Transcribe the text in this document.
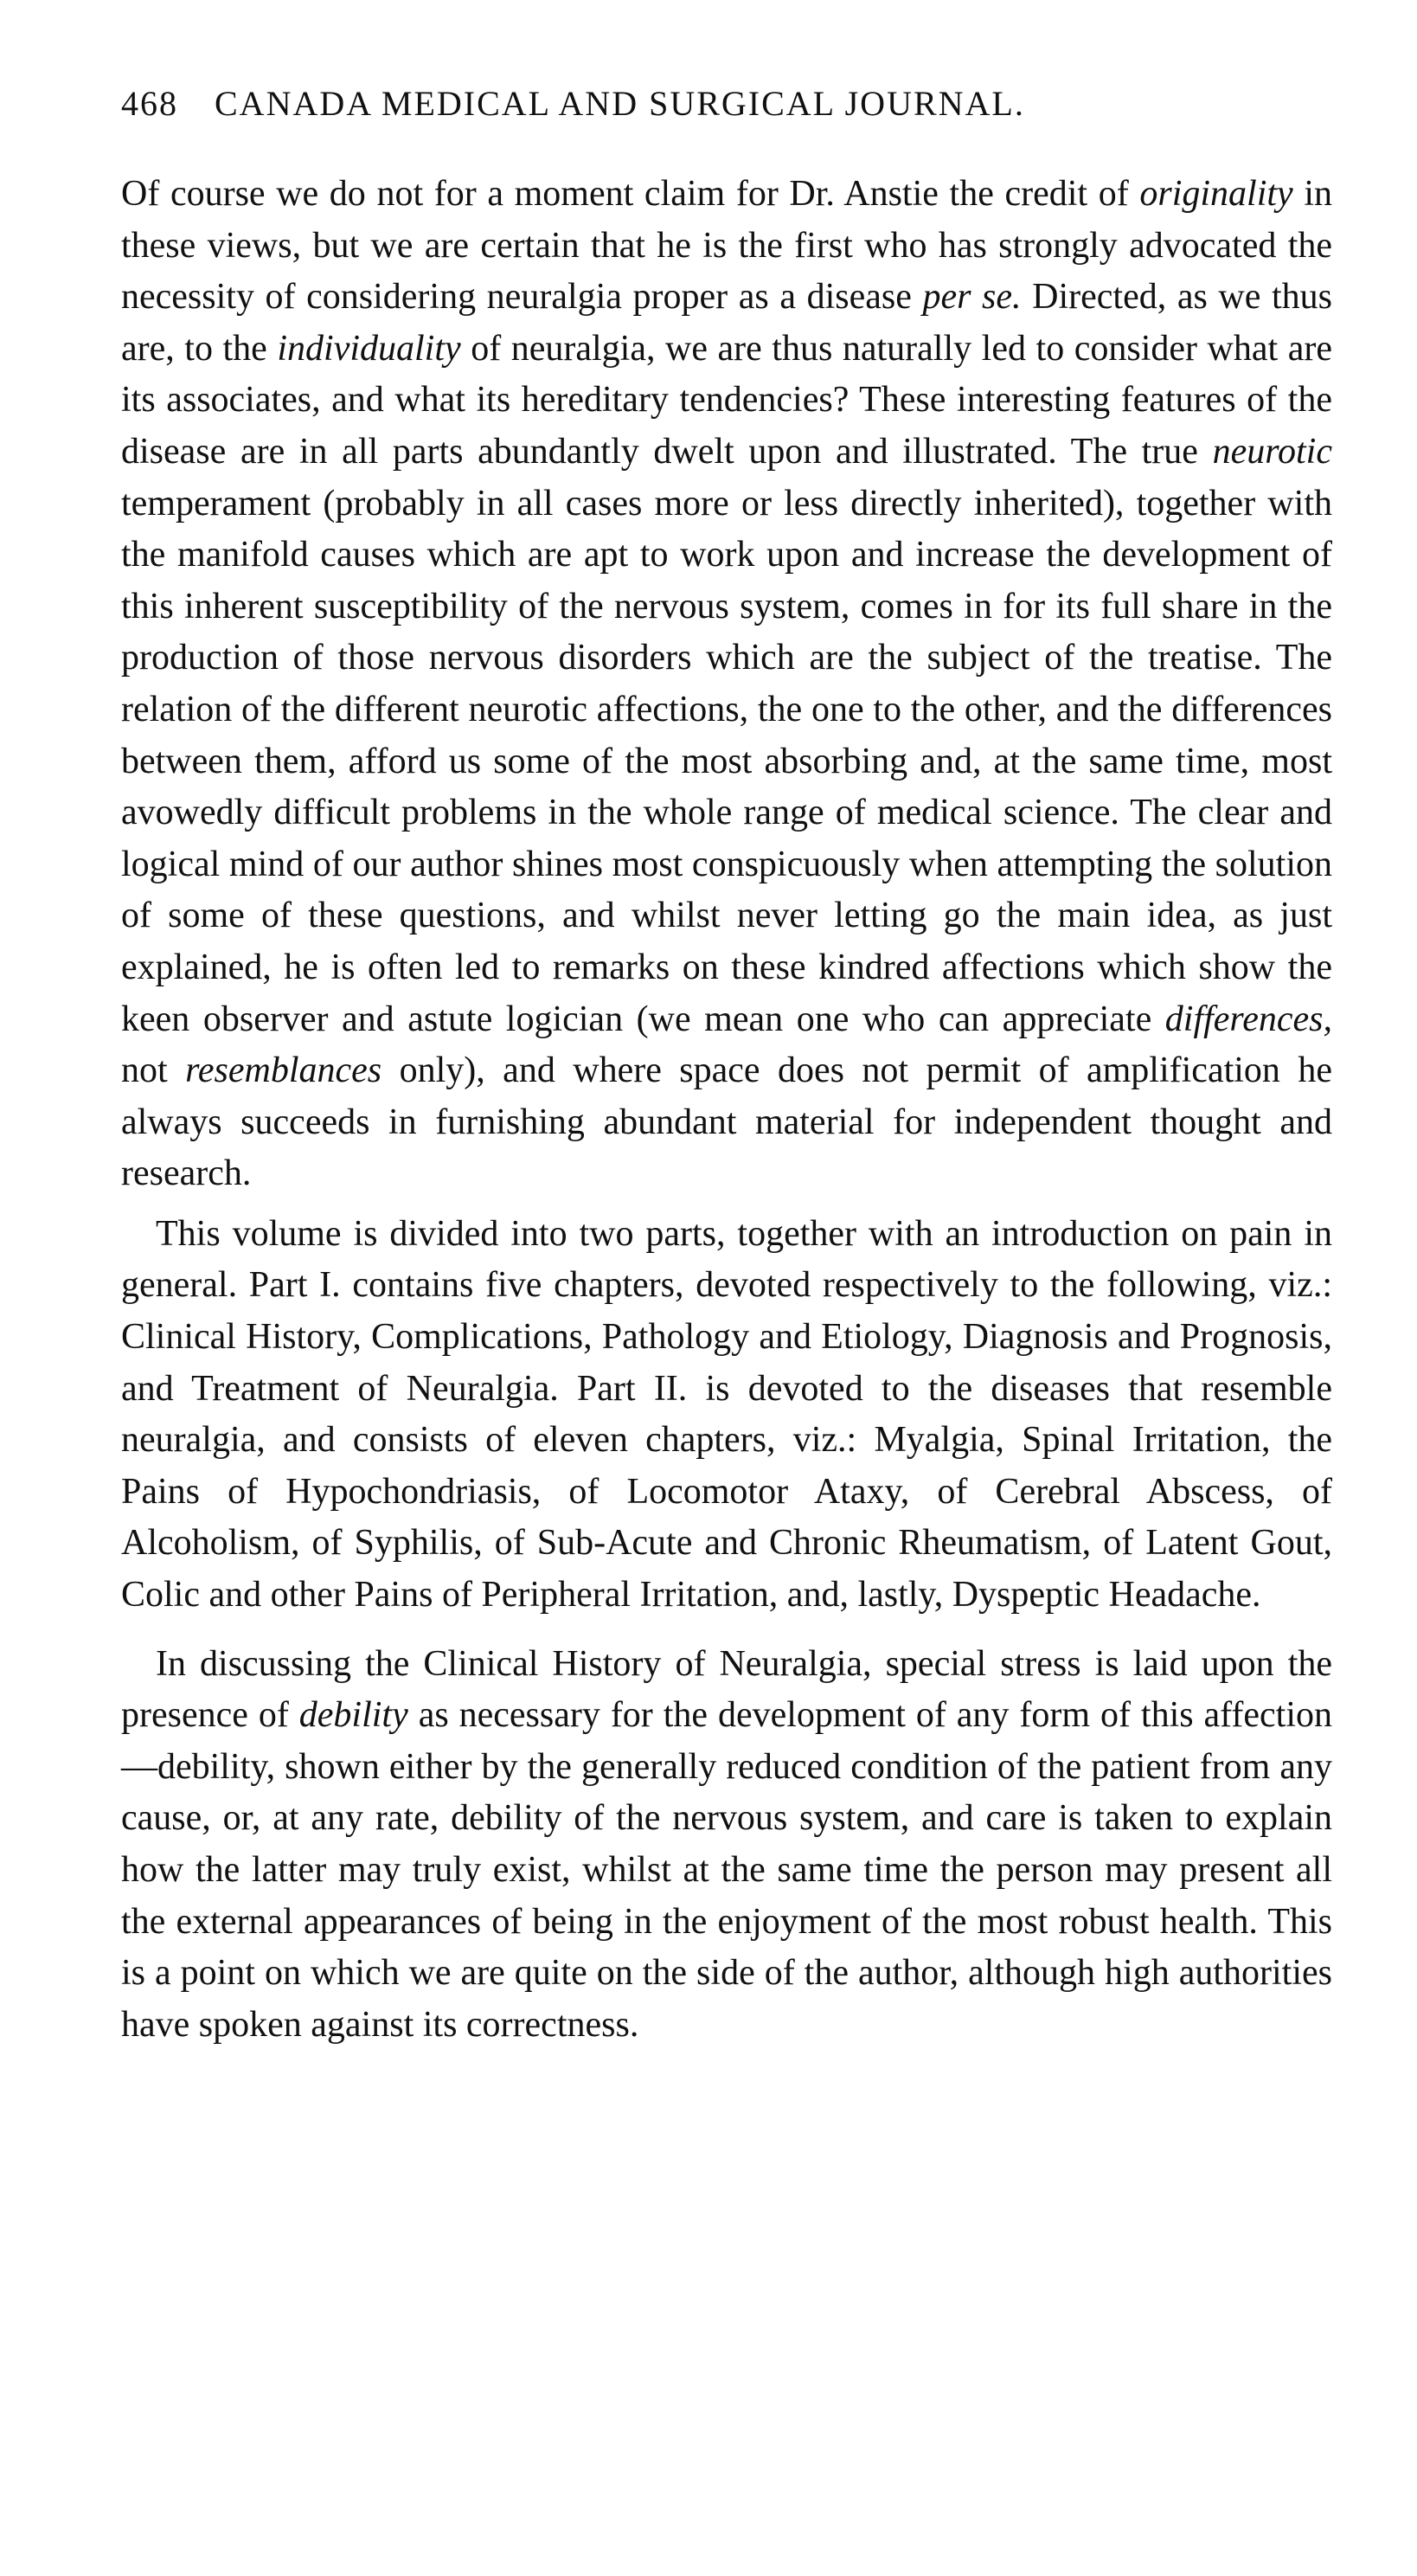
468 CANADA MEDICAL AND SURGICAL JOURNAL.

Of course we do not for a moment claim for Dr. Anstie the credit of originality in these views, but we are certain that he is the first who has strongly advocated the necessity of considering neuralgia proper as a disease per se. Directed, as we thus are, to the individuality of neuralgia, we are thus naturally led to consider what are its associates, and what its hereditary tendencies? These interesting features of the disease are in all parts abundantly dwelt upon and illustrated. The true neurotic temperament (probably in all cases more or less directly inherited), together with the manifold causes which are apt to work upon and increase the development of this inherent susceptibility of the nervous system, comes in for its full share in the production of those nervous disorders which are the subject of the treatise. The relation of the different neurotic affections, the one to the other, and the differences between them, afford us some of the most absorbing and, at the same time, most avowedly difficult problems in the whole range of medical science. The clear and logical mind of our author shines most conspicuously when attempting the solution of some of these questions, and whilst never letting go the main idea, as just explained, he is often led to remarks on these kindred affections which show the keen observer and astute logician (we mean one who can appreciate differences, not resemblances only), and where space does not permit of amplification he always succeeds in furnishing abundant material for independent thought and research.

This volume is divided into two parts, together with an introduction on pain in general. Part I. contains five chapters, devoted respectively to the following, viz.: Clinical History, Complications, Pathology and Etiology, Diagnosis and Prognosis, and Treatment of Neuralgia. Part II. is devoted to the diseases that resemble neuralgia, and consists of eleven chapters, viz.: Myalgia, Spinal Irritation, the Pains of Hypochondriasis, of Locomotor Ataxy, of Cerebral Abscess, of Alcoholism, of Syphilis, of Sub-Acute and Chronic Rheumatism, of Latent Gout, Colic and other Pains of Peripheral Irritation, and, lastly, Dyspeptic Headache.

In discussing the Clinical History of Neuralgia, special stress is laid upon the presence of debility as necessary for the development of any form of this affection—debility, shown either by the generally reduced condition of the patient from any cause, or, at any rate, debility of the nervous system, and care is taken to explain how the latter may truly exist, whilst at the same time the person may present all the external appearances of being in the enjoyment of the most robust health. This is a point on which we are quite on the side of the author, although high authorities have spoken against its correctness.
